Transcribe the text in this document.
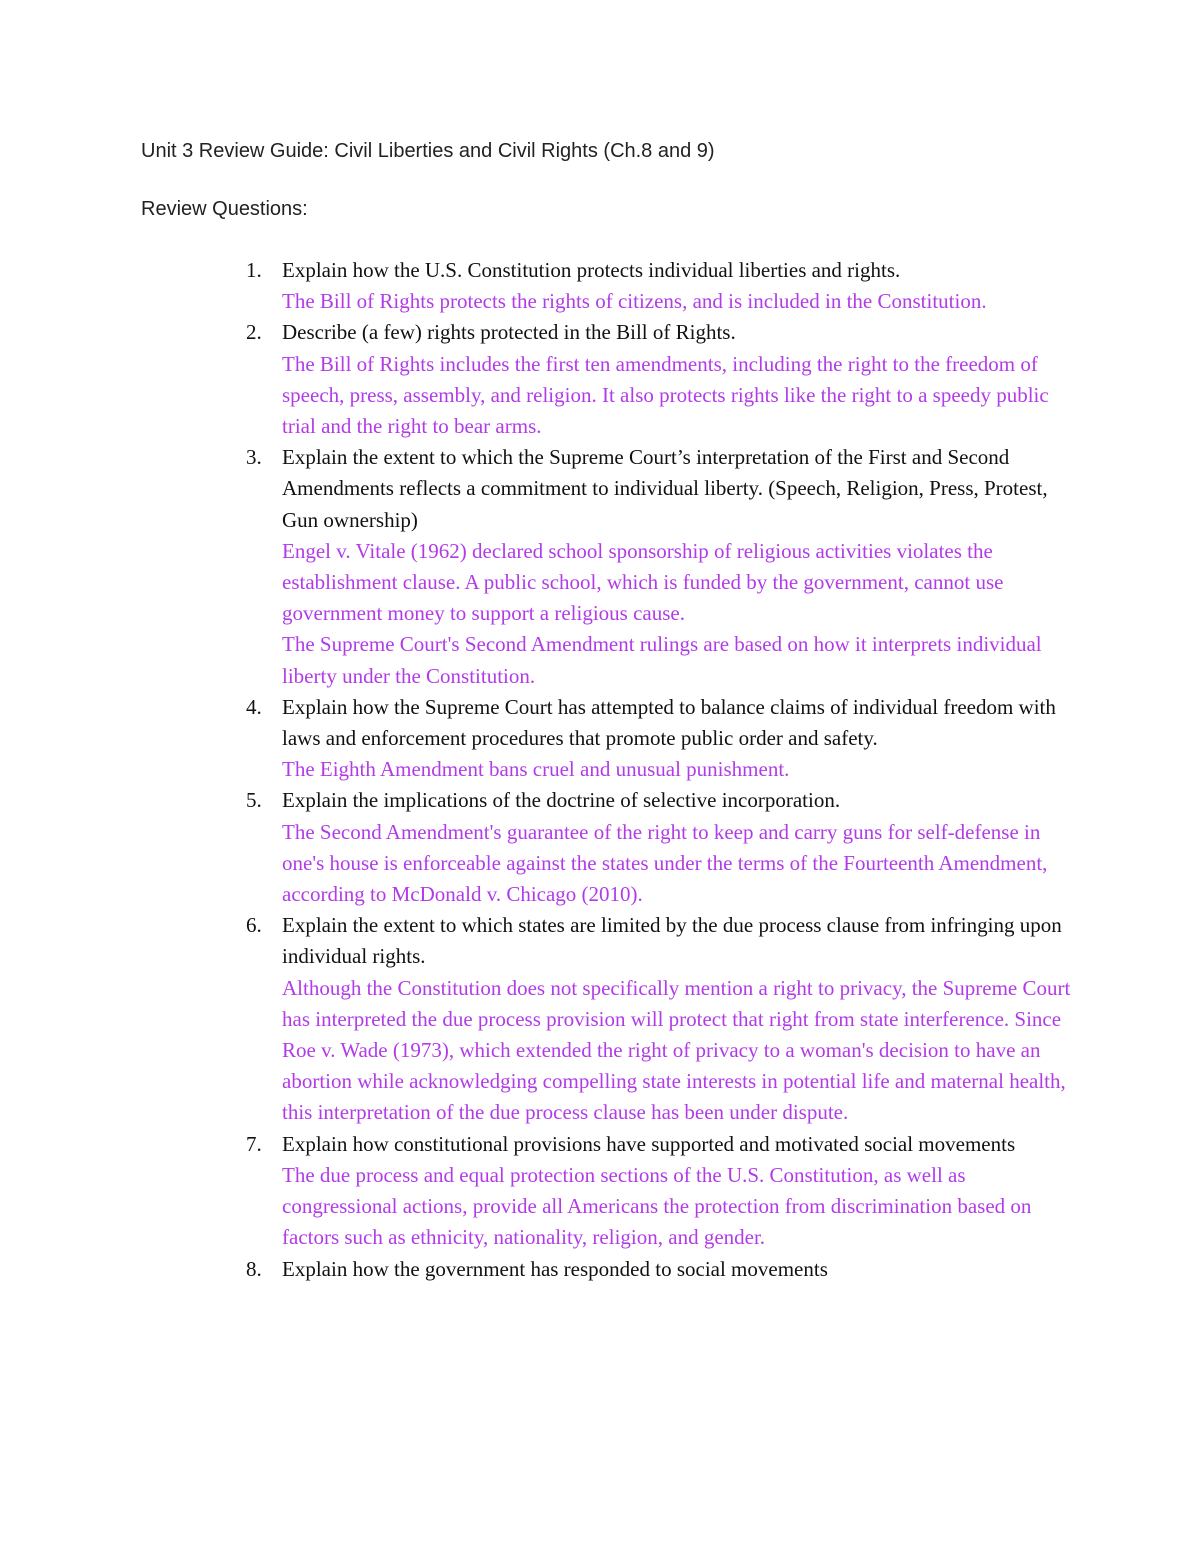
Unit 3 Review Guide: Civil Liberties and Civil Rights (Ch.8 and 9)
Review Questions:
1. Explain how the U.S. Constitution protects individual liberties and rights.
The Bill of Rights protects the rights of citizens, and is included in the Constitution.
2. Describe (a few) rights protected in the Bill of Rights.
The Bill of Rights includes the first ten amendments, including the right to the freedom of speech, press, assembly, and religion. It also protects rights like the right to a speedy public trial and the right to bear arms.
3. Explain the extent to which the Supreme Court’s interpretation of the First and Second Amendments reflects a commitment to individual liberty. (Speech, Religion, Press, Protest, Gun ownership)
Engel v. Vitale (1962) declared school sponsorship of religious activities violates the establishment clause. A public school, which is funded by the government, cannot use government money to support a religious cause.
The Supreme Court's Second Amendment rulings are based on how it interprets individual liberty under the Constitution.
4. Explain how the Supreme Court has attempted to balance claims of individual freedom with laws and enforcement procedures that promote public order and safety.
The Eighth Amendment bans cruel and unusual punishment.
5. Explain the implications of the doctrine of selective incorporation.
The Second Amendment's guarantee of the right to keep and carry guns for self-defense in one's house is enforceable against the states under the terms of the Fourteenth Amendment, according to McDonald v. Chicago (2010).
6. Explain the extent to which states are limited by the due process clause from infringing upon individual rights.
Although the Constitution does not specifically mention a right to privacy, the Supreme Court has interpreted the due process provision will protect that right from state interference. Since Roe v. Wade (1973), which extended the right of privacy to a woman's decision to have an abortion while acknowledging compelling state interests in potential life and maternal health, this interpretation of the due process clause has been under dispute.
7. Explain how constitutional provisions have supported and motivated social movements
The due process and equal protection sections of the U.S. Constitution, as well as congressional actions, provide all Americans the protection from discrimination based on factors such as ethnicity, nationality, religion, and gender.
8. Explain how the government has responded to social movements
